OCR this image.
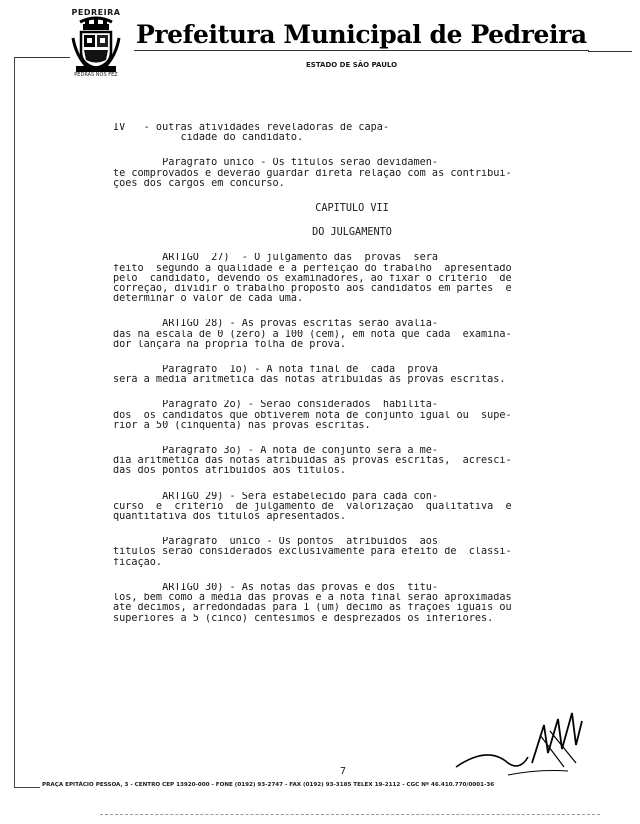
PEDREIRA
PEDRAS NOS FEZ
Prefeitura Municipal de Pedreira
ESTADO DE SÃO PAULO
IV   - outras atividades reveladoras de capa-
cidade do candidato.
Parágrafo único - Os títulos serão devidamen-
te comprovados e deverão guardar direta relação com as contribui-
ções dos cargos em concurso.
CAPITULO VII
DO JULGAMENTO
ARTIGO  27)  - O julgamento das  provas  será
feito  segundo a qualidade e a perfeição do trabalho  apresentado
pelo  candidato, devendo os examinadores, ao fixar o critério  de
correção, dividir o trabalho proposto aos candidatos em partes  e
determinar o valor de cada uma.
ARTIGO 28) - As provas escritas serão avalia-
das na escala de 0 (zero) a 100 (cem), em nota que cada  examina-
dor lançará na própria folha de prova.
Parágrafo  1o) - A nota final de  cada  prova
será a média aritmética das notas atribuídas às provas escritas.
Parágrafo 2o) - Serão considerados  habilita-
dos  os candidatos que obtiverem nota de conjunto igual ou  supe-
rior a 50 (cinqüenta) nas provas escritas.
Parágrafo 3o) - A nota de conjunto será a mé-
dia aritmética das notas atribuídas às provas escritas,  acresci-
das dos pontos atribuídos aos títulos.
ARTIGO 29) - Será estabelecido para cada con-
curso  e  critério  de julgamento de  valorização  qualitativa  e
quantitativa dos títulos apresentados.
Parágrafo  único - Os pontos  atribuídos  aos
títulos serão considerados exclusivamente para efeito de  classi-
ficação.
ARTIGO 30) - As notas das provas e dos  títu-
los, bem como a média das provas e a nota final serão aproximadas
até décimos, arredondadas para 1 (um) décimo as frações iguais ou
superiores a 5 (cinco) centésimos e desprezados os inferiores.
7
PRAÇA EPITÁCIO PESSOA, 3 - CENTRO CEP 13920-000 - FONE (0192) 93-2747 - FAX (0192) 93-3185 TELEX 19-2112 - CGC Nº 46.410.770/0001-36
